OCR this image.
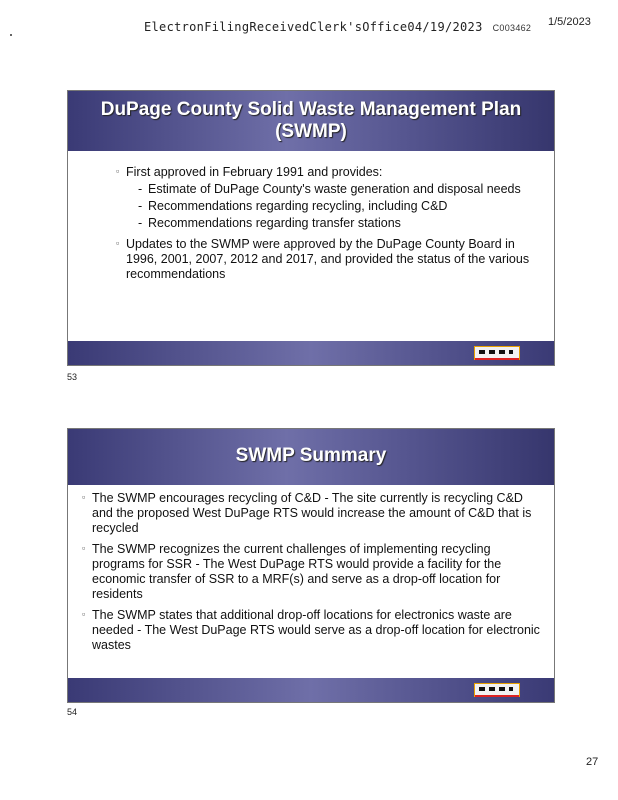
ElectronFilingReceivedClerk'sOffice04/19/2023 C003462 1/5/2023
DuPage County Solid Waste Management Plan
(SWMP)
▫ First approved in February 1991 and provides:
- Estimate of DuPage County's waste generation and disposal needs
- Recommendations regarding recycling, including C&D
- Recommendations regarding transfer stations
▫ Updates to the SWMP were approved by the DuPage County Board in 1996, 2001, 2007, 2012 and 2017, and provided the status of the various recommendations
53
SWMP Summary
▫ The SWMP encourages recycling of C&D - The site currently is recycling C&D and the proposed West DuPage RTS would increase the amount of C&D that is recycled
▫ The SWMP recognizes the current challenges of implementing recycling programs for SSR - The West DuPage RTS would provide a facility for the economic transfer of SSR to a MRF(s) and serve as a drop-off location for residents
▫ The SWMP states that additional drop-off locations for electronics waste are needed - The West DuPage RTS would serve as a drop-off location for electronic wastes
54
27
